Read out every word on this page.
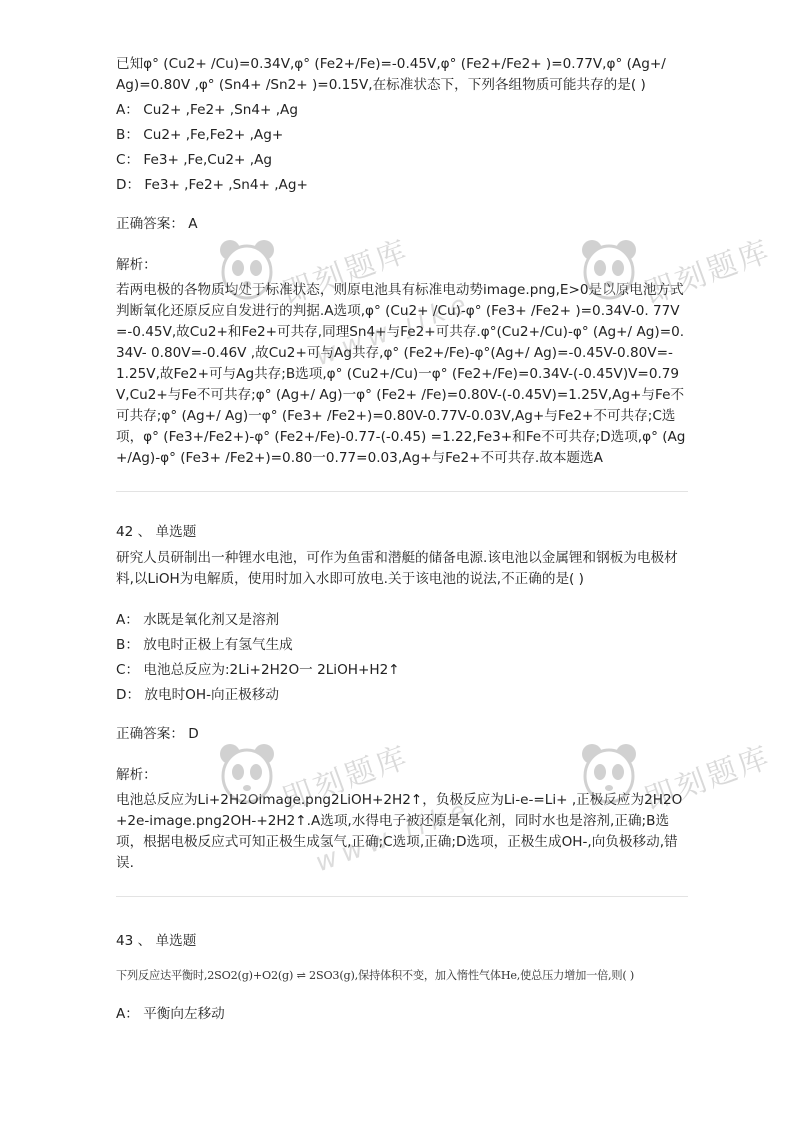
已知φ° (Cu2+ /Cu)=0.34V,φ° (Fe2+/Fe)=-0.45V,φ° (Fe2+/Fe2+ )=0.77V,φ° (Ag+/ Ag)=0.80V ,φ° (Sn4+ /Sn2+ )=0.15V,在标准状态下，下列各组物质可能共存的是( )

A： Cu2+ ,Fe2+ ,Sn4+ ,Ag

B： Cu2+ ,Fe,Fe2+ ,Ag+

C： Fe3+ ,Fe,Cu2+ ,Ag

D： Fe3+ ,Fe2+ ,Sn4+ ,Ag+

正确答案： A

解析：

若两电极的各物质均处于标准状态，则原电池具有标准电动势image.png,E>0是以原电池方式判断氧化还原反应自发进行的判据.A选项,φ° (Cu2+ /Cu)-φ° (Fe3+ /Fe2+ )=0.34V-0. 77V=-0.45V,故Cu2+和Fe2+可共存,同理Sn4+与Fe2+可共存.φ°(Cu2+/Cu)-φ° (Ag+/ Ag)=0.34V- 0.80V=-0.46V ,故Cu2+可与Ag共存,φ° (Fe2+/Fe)-φ°(Ag+/ Ag)=-0.45V-0.80V=- 1.25V,故Fe2+可与Ag共存;B选项,φ° (Cu2+/Cu)一φ° (Fe2+/Fe)=0.34V-(-0.45V)V=0.79V,Cu2+与Fe不可共存;φ° (Ag+/ Ag)一φ° (Fe2+ /Fe)=0.80V-(-0.45V)=1.25V,Ag+与Fe不可共存;φ° (Ag+/ Ag)一φ° (Fe3+ /Fe2+)=0.80V-0.77V-0.03V,Ag+与Fe2+不可共存;C选项，φ° (Fe3+/Fe2+)-φ° (Fe2+/Fe)-0.77-(-0.45) =1.22,Fe3+和Fe不可共存;D选项,φ° (Ag+/Ag)-φ° (Fe3+ /Fe2+)=0.80一0.77=0.03,Ag+与Fe2+不可共存.故本题选A

42 、 单选题

研究人员研制出一种锂水电池，可作为鱼雷和潜艇的储备电源.该电池以金属锂和钢板为电极材料,以LiOH为电解质，使用时加入水即可放电.关于该电池的说法,不正确的是( )

A： 水既是氧化剂又是溶剂

B： 放电时正极上有氢气生成

C： 电池总反应为:2Li+2H2O一 2LiOH+H2↑

D： 放电时OH-向正极移动

正确答案： D

解析：

电池总反应为Li+2H2Oimage.png2LiOH+2H2↑，负极反应为Li-e-=Li+ ,正极反应为2H2O+2e-image.png2OH-+2H2↑.A选项,水得电子被还原是氧化剂，同时水也是溶剂,正确;B选项，根据电极反应式可知正极生成氢气,正确;C选项,正确;D选项，正极生成OH-,向负极移动,错误.

43 、 单选题

下列反应达平衡时,2SO2(g)+O2(g) ⇌ 2SO3(g),保持体积不变，加入惰性气体He,使总压力增加一倍,则( )

A： 平衡向左移动

即刻题库
www.jike
即刻题库
即刻题库
www.jike
即刻题库
